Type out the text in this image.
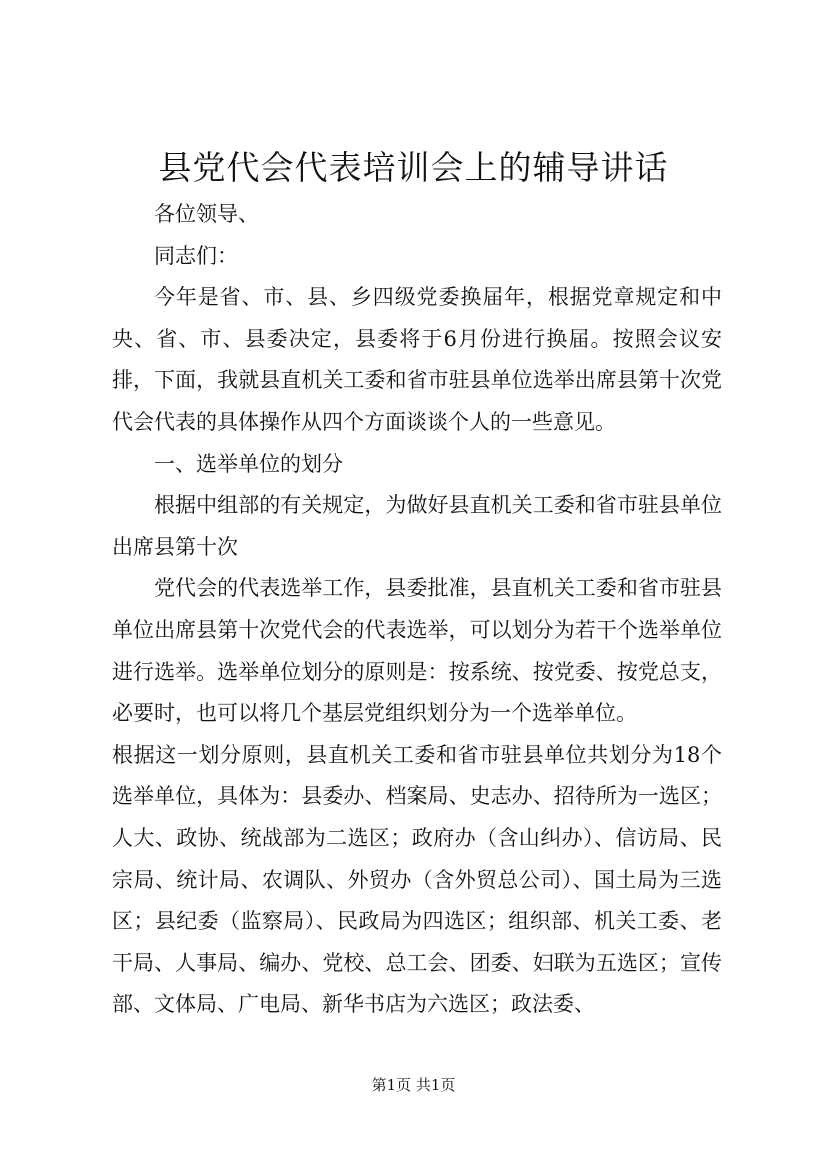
县党代会代表培训会上的辅导讲话

各位领导、

同志们：

今年是省、市、县、乡四级党委换届年，根据党章规定和中央、省、市、县委决定，县委将于6月份进行换届。按照会议安排，下面，我就县直机关工委和省市驻县单位选举出席县第十次党代会代表的具体操作从四个方面谈谈个人的一些意见。

一、选举单位的划分

根据中组部的有关规定，为做好县直机关工委和省市驻县单位出席县第十次

党代会的代表选举工作，县委批准，县直机关工委和省市驻县单位出席县第十次党代会的代表选举，可以划分为若干个选举单位进行选举。选举单位划分的原则是：按系统、按党委、按党总支，必要时，也可以将几个基层党组织划分为一个选举单位。

根据这一划分原则，县直机关工委和省市驻县单位共划分为18个选举单位，具体为：县委办、档案局、史志办、招待所为一选区；人大、政协、统战部为二选区；政府办（含山纠办）、信访局、民宗局、统计局、农调队、外贸办（含外贸总公司）、国土局为三选区；县纪委（监察局）、民政局为四选区；组织部、机关工委、老干局、人事局、编办、党校、总工会、团委、妇联为五选区；宣传部、文体局、广电局、新华书店为六选区；政法委、

第1页 共1页
